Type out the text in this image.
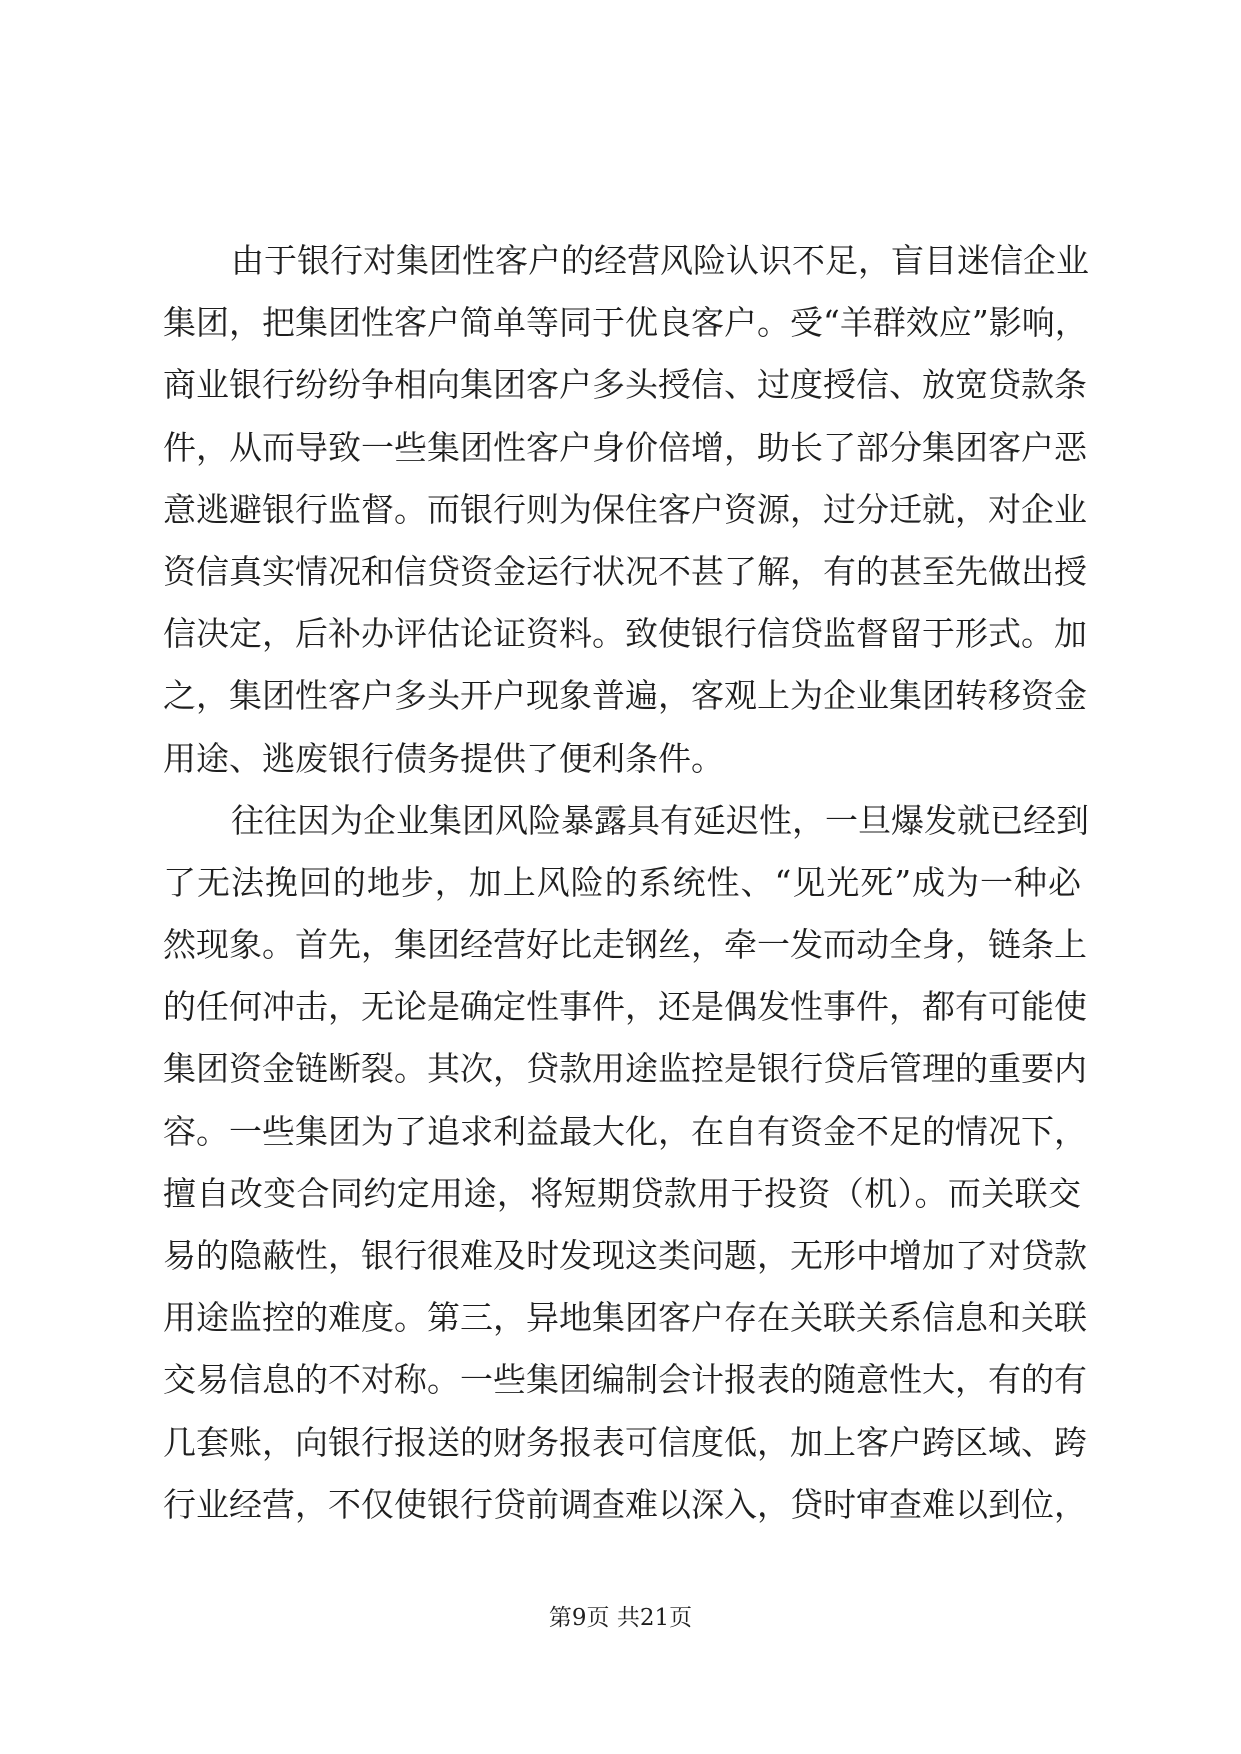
由于银行对集团性客户的经营风险认识不足，盲目迷信企业
集团，把集团性客户简单等同于优良客户。受“羊群效应”影响，
商业银行纷纷争相向集团客户多头授信、过度授信、放宽贷款条
件，从而导致一些集团性客户身价倍增，助长了部分集团客户恶
意逃避银行监督。而银行则为保住客户资源，过分迁就，对企业
资信真实情况和信贷资金运行状况不甚了解，有的甚至先做出授
信决定，后补办评估论证资料。致使银行信贷监督留于形式。加
之，集团性客户多头开户现象普遍，客观上为企业集团转移资金
用途、逃废银行债务提供了便利条件。
往往因为企业集团风险暴露具有延迟性，一旦爆发就已经到
了无法挽回的地步，加上风险的系统性、“见光死”成为一种必
然现象。首先，集团经营好比走钢丝，牵一发而动全身，链条上
的任何冲击，无论是确定性事件，还是偶发性事件，都有可能使
集团资金链断裂。其次，贷款用途监控是银行贷后管理的重要内
容。一些集团为了追求利益最大化，在自有资金不足的情况下，
擅自改变合同约定用途，将短期贷款用于投资（机）。而关联交
易的隐蔽性，银行很难及时发现这类问题，无形中增加了对贷款
用途监控的难度。第三，异地集团客户存在关联关系信息和关联
交易信息的不对称。一些集团编制会计报表的随意性大，有的有
几套账，向银行报送的财务报表可信度低，加上客户跨区域、跨
行业经营，不仅使银行贷前调查难以深入，贷时审查难以到位，
第9页 共21页
